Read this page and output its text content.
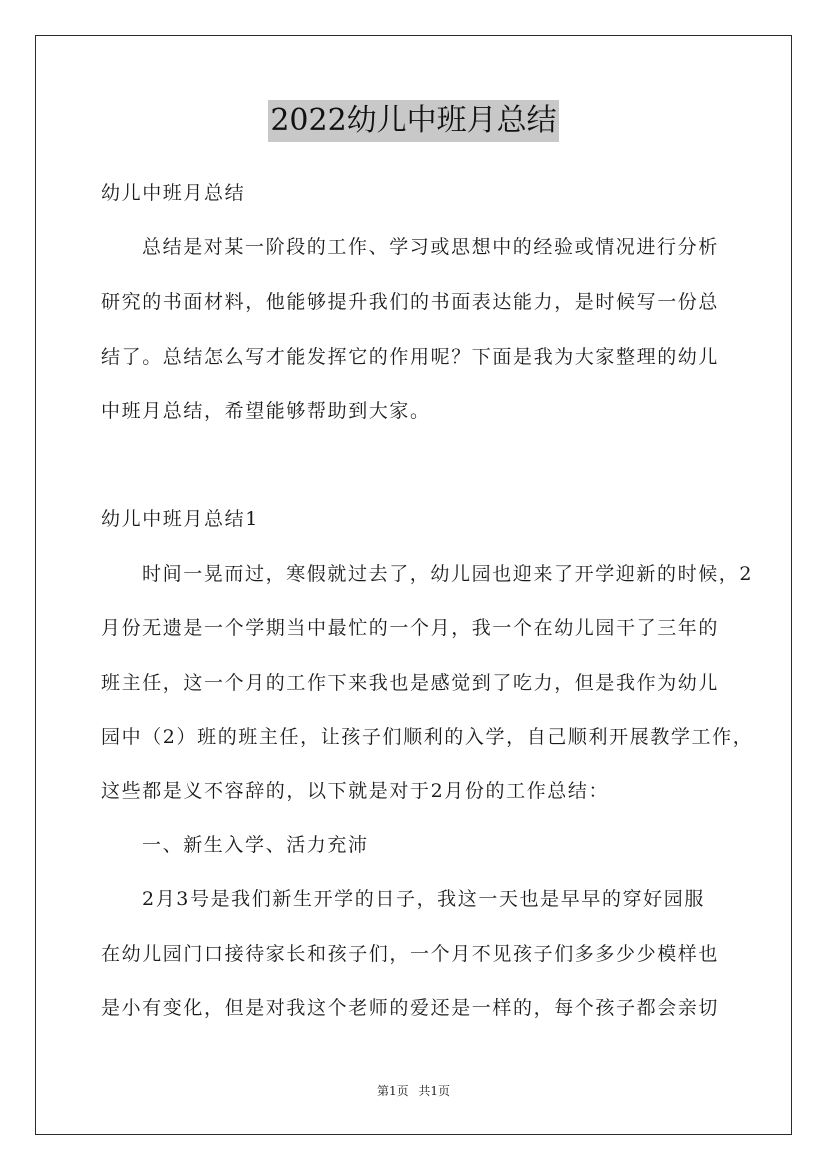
2022幼儿中班月总结
幼儿中班月总结
总结是对某一阶段的工作、学习或思想中的经验或情况进行分析
研究的书面材料，他能够提升我们的书面表达能力，是时候写一份总
结了。总结怎么写才能发挥它的作用呢？下面是我为大家整理的幼儿
中班月总结，希望能够帮助到大家。
幼儿中班月总结1
时间一晃而过，寒假就过去了，幼儿园也迎来了开学迎新的时候，2
月份无遗是一个学期当中最忙的一个月，我一个在幼儿园干了三年的
班主任，这一个月的工作下来我也是感觉到了吃力，但是我作为幼儿
园中（2）班的班主任，让孩子们顺利的入学，自己顺利开展教学工作，
这些都是义不容辞的，以下就是对于2月份的工作总结：
一、新生入学、活力充沛
2月3号是我们新生开学的日子，我这一天也是早早的穿好园服
在幼儿园门口接待家长和孩子们，一个月不见孩子们多多少少模样也
是小有变化，但是对我这个老师的爱还是一样的，每个孩子都会亲切
第1页 共1页
